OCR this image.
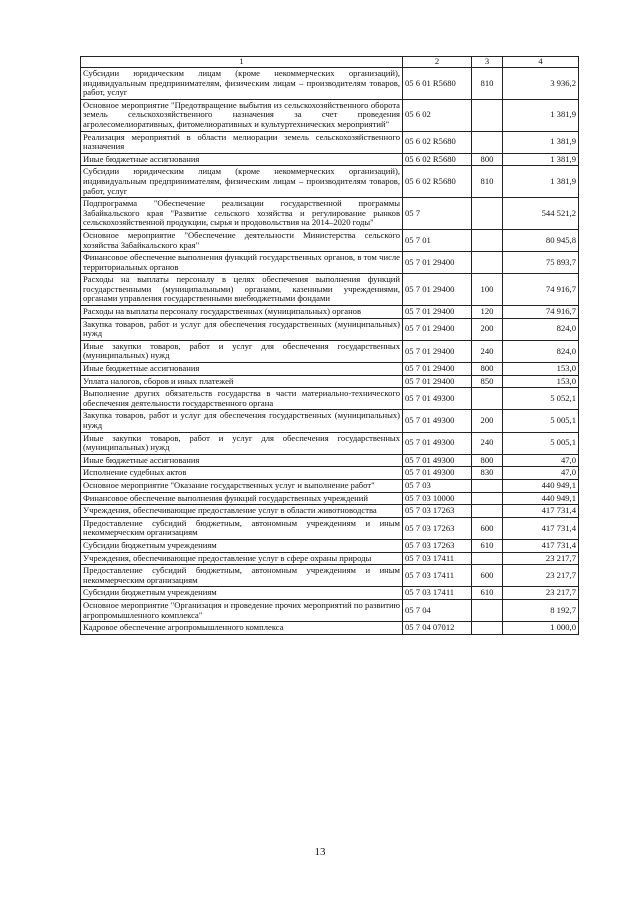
1	2	3	4
Субсидии юридическим лицам (кроме некоммерческих организаций), индивидуальным предпринимателям, физическим лицам – производителям товаров, работ, услуг	05 6 01 R5680	810	3 936,2
Основное мероприятие "Предотвращение выбытия из сельскохозяйственного оборота земель сельскохозяйственного назначения за счет проведения агролесомелиоративных, фитомелиоративных и культуртехнических мероприятий"	05 6 02		1 381,9
Реализация мероприятий в области мелиорации земель сельскохозяйственного назначения	05 6 02 R5680		1 381,9
Иные бюджетные ассигнования	05 6 02 R5680	800	1 381,9
Субсидии юридическим лицам (кроме некоммерческих организаций), индивидуальным предпринимателям, физическим лицам – производителям товаров, работ, услуг	05 6 02 R5680	810	1 381,9
Подпрограмма "Обеспечение реализации государственной программы Забайкальского края "Развитие сельского хозяйства и регулирование рынков сельскохозяйственной продукции, сырья и продовольствия на 2014–2020 годы"	05 7		544 521,2
Основное мероприятие "Обеспечение деятельности Министерства сельского хозяйства Забайкальского края"	05 7 01		80 945,8
Финансовое обеспечение выполнения функций государственных органов, в том числе территориальных органов	05 7 01 29400		75 893,7
Расходы на выплаты персоналу в целях обеспечения выполнения функций государственными (муниципальными) органами, казенными учреждениями, органами управления государственными внебюджетными фондами	05 7 01 29400	100	74 916,7
Расходы на выплаты персоналу государственных (муниципальных) органов	05 7 01 29400	120	74 916,7
Закупка товаров, работ и услуг для обеспечения государственных (муниципальных) нужд	05 7 01 29400	200	824,0
Иные закупки товаров, работ и услуг для обеспечения государственных (муниципальных) нужд	05 7 01 29400	240	824,0
Иные бюджетные ассигнования	05 7 01 29400	800	153,0
Уплата налогов, сборов и иных платежей	05 7 01 29400	850	153,0
Выполнение других обязательств государства в части материально-технического обеспечения деятельности государственного органа	05 7 01 49300		5 052,1
Закупка товаров, работ и услуг для обеспечения государственных (муниципальных) нужд	05 7 01 49300	200	5 005,1
Иные закупки товаров, работ и услуг для обеспечения государственных (муниципальных) нужд	05 7 01 49300	240	5 005,1
Иные бюджетные ассигнования	05 7 01 49300	800	47,0
Исполнение судебных актов	05 7 01 49300	830	47,0
Основное мероприятие "Оказание государственных услуг и выполнение работ"	05 7 03		440 949,1
Финансовое обеспечение выполнения функций государственных учреждений	05 7 03 10000		440 949,1
Учреждения, обеспечивающие предоставление услуг в области животноводства	05 7 03 17263		417 731,4
Предоставление субсидий бюджетным, автономным учреждениям и иным некоммерческим организациям	05 7 03 17263	600	417 731,4
Субсидии бюджетным учреждениям	05 7 03 17263	610	417 731,4
Учреждения, обеспечивающие предоставление услуг в сфере охраны природы	05 7 03 17411		23 217,7
Предоставление субсидий бюджетным, автономным учреждениям и иным некоммерческим организациям	05 7 03 17411	600	23 217,7
Субсидии бюджетным учреждениям	05 7 03 17411	610	23 217,7
Основное мероприятие "Организация и проведение прочих мероприятий по развитию агропромышленного комплекса"	05 7 04		8 192,7
Кадровое обеспечение агропромышленного комплекса	05 7 04 07012		1 000,0
13
